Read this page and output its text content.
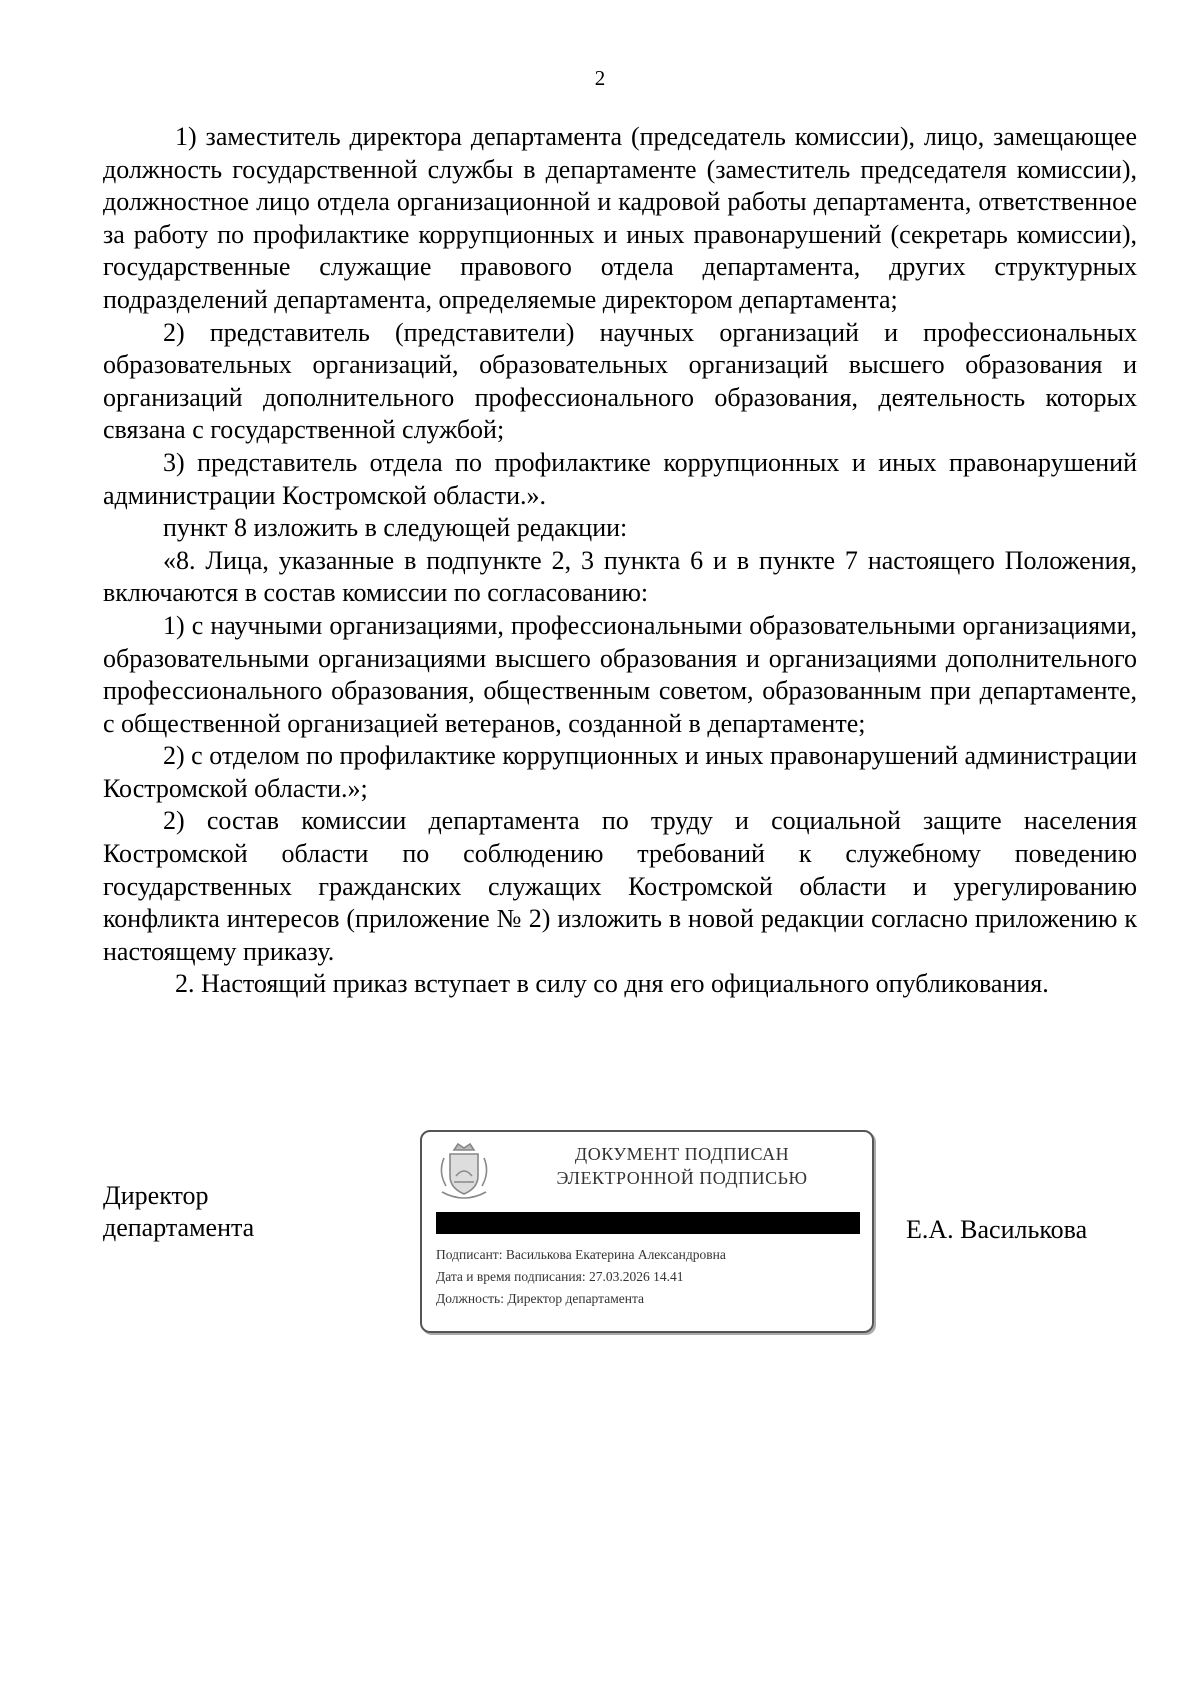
2

1) заместитель директора департамента (председатель комиссии), лицо, замещающее должность государственной службы в департаменте (заместитель председателя комиссии), должностное лицо отдела организационной и кадровой работы департамента, ответственное за работу по профилактике коррупционных и иных правонарушений (секретарь комиссии), государственные служащие правового отдела департамента, других структурных подразделений департамента, определяемые директором департамента;

2) представитель (представители) научных организаций и профессиональных образовательных организаций, образовательных организаций высшего образования и организаций дополнительного профессионального образования, деятельность которых связана с государственной службой;

3) представитель отдела по профилактике коррупционных и иных правонарушений администрации Костромской области.».

пункт 8 изложить в следующей редакции:

«8. Лица, указанные в подпункте 2, 3 пункта 6 и в пункте 7 настоящего Положения, включаются в состав комиссии по согласованию:

1) с научными организациями, профессиональными образовательными организациями, образовательными организациями высшего образования и организациями дополнительного профессионального образования, общественным советом, образованным при департаменте, с общественной организацией ветеранов, созданной в департаменте;

2) с отделом по профилактике коррупционных и иных правонарушений администрации Костромской области.»;

2) состав комиссии департамента по труду и социальной защите населения Костромской области по соблюдению требований к служебному поведению государственных гражданских служащих Костромской области и урегулированию конфликта интересов (приложение № 2) изложить в новой редакции согласно приложению к настоящему приказу.

2. Настоящий приказ вступает в силу со дня его официального опубликования.

Директор
департамента
ДОКУМЕНТ ПОДПИСАН
ЭЛЕКТРОННОЙ ПОДПИСЬЮ
Подписант: Василькова Екатерина Александровна
Дата и время подписания: 27.03.2026 14.41
Должность: Директор департамента
Е.А. Василькова
